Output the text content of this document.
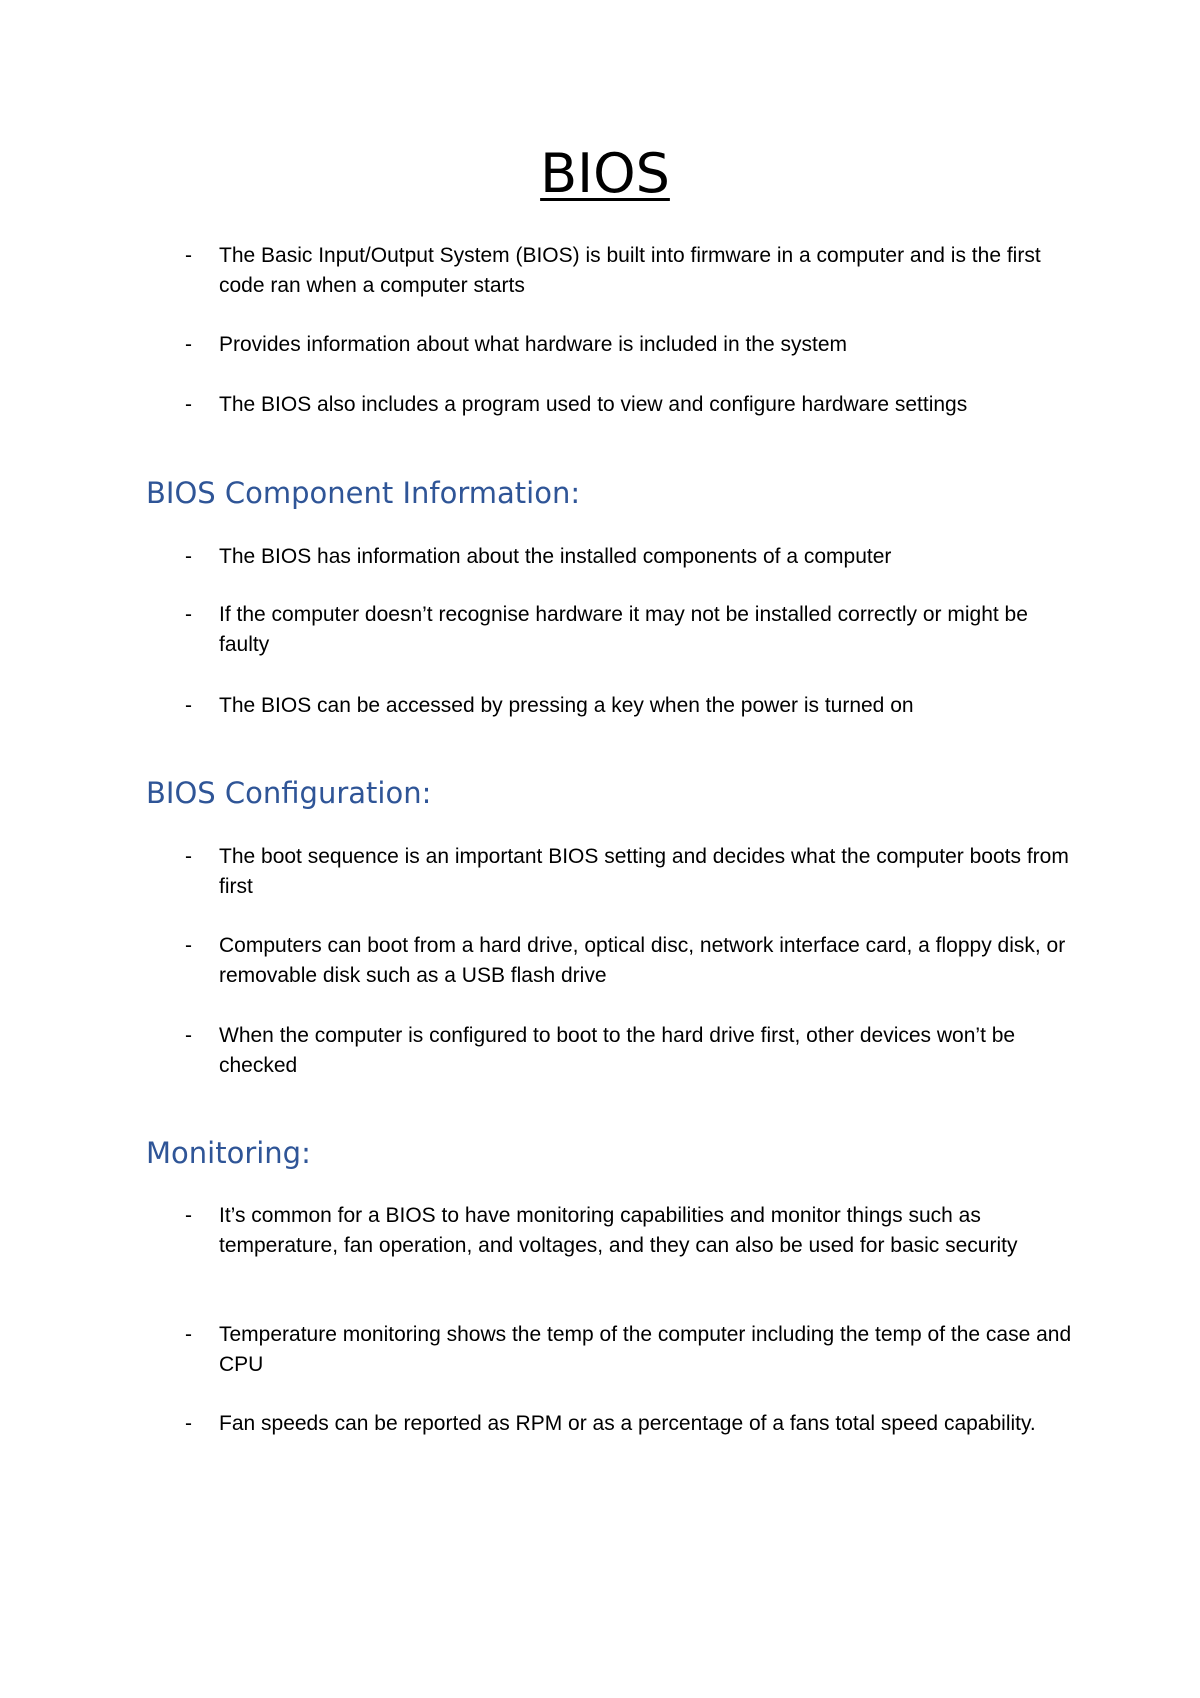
BIOS
- The Basic Input/Output System (BIOS) is built into firmware in a computer and is the first code ran when a computer starts
- Provides information about what hardware is included in the system
- The BIOS also includes a program used to view and configure hardware settings
BIOS Component Information:
- The BIOS has information about the installed components of a computer
- If the computer doesn’t recognise hardware it may not be installed correctly or might be faulty
- The BIOS can be accessed by pressing a key when the power is turned on
BIOS Configuration:
- The boot sequence is an important BIOS setting and decides what the computer boots from first
- Computers can boot from a hard drive, optical disc, network interface card, a floppy disk, or removable disk such as a USB flash drive
- When the computer is configured to boot to the hard drive first, other devices won’t be checked
Monitoring:
- It’s common for a BIOS to have monitoring capabilities and monitor things such as temperature, fan operation, and voltages, and they can also be used for basic security
- Temperature monitoring shows the temp of the computer including the temp of the case and CPU
- Fan speeds can be reported as RPM or as a percentage of a fans total speed capability.
